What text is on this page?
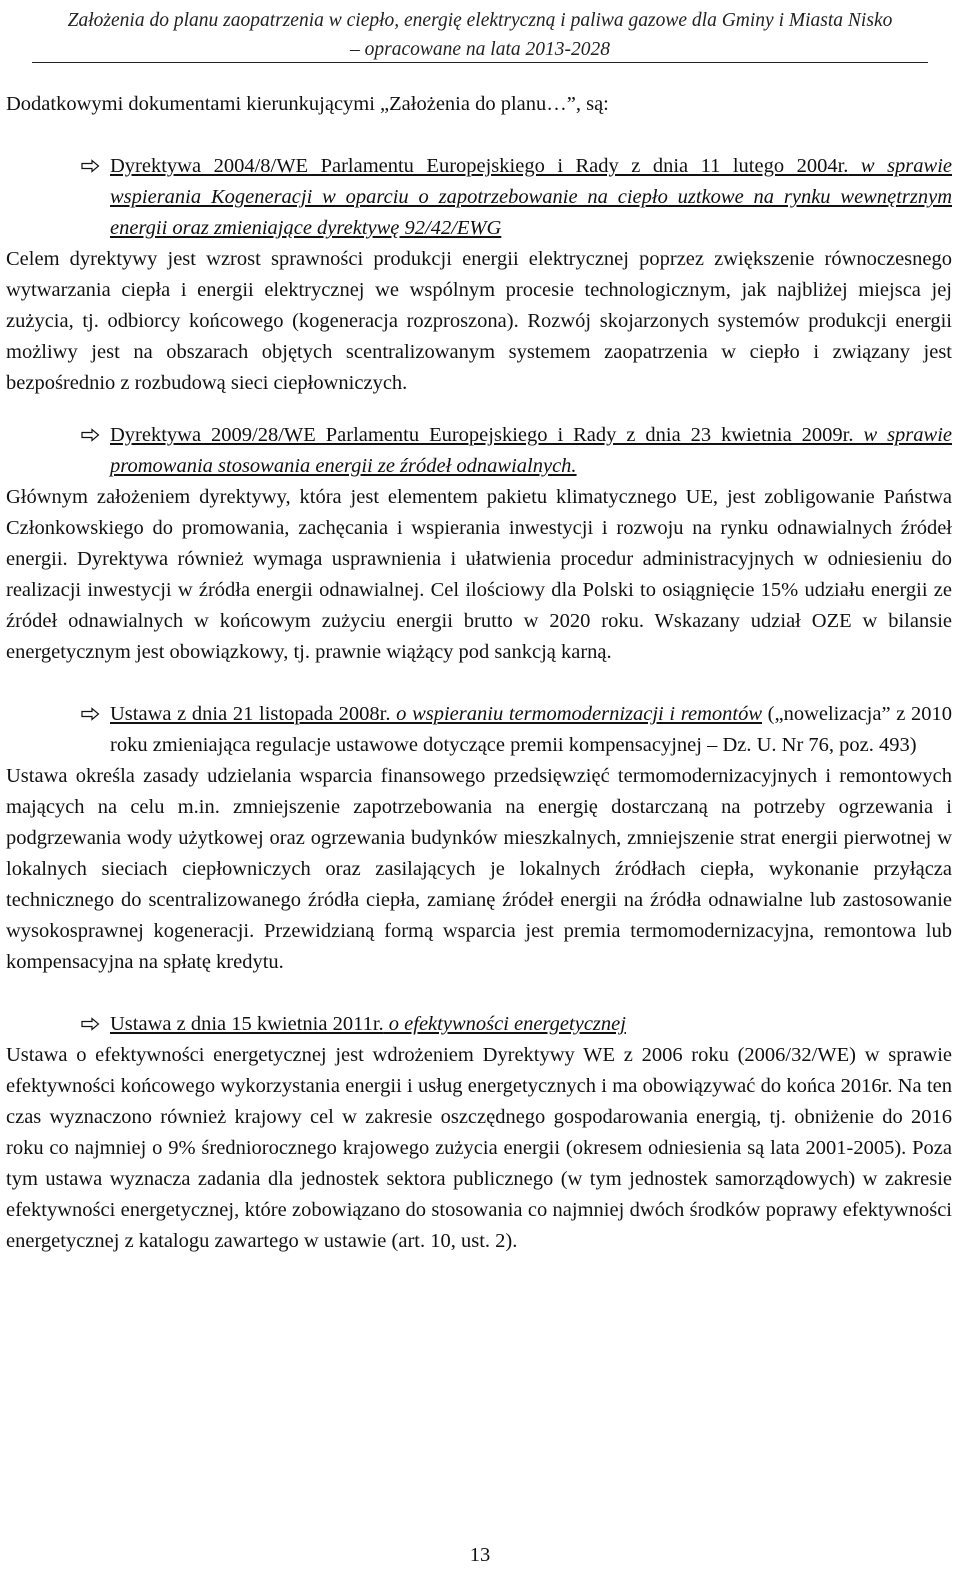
Założenia do planu zaopatrzenia w ciepło, energię elektryczną i paliwa gazowe dla Gminy i Miasta Nisko
– opracowane na lata 2013-2028

Dodatkowymi dokumentami kierunkującymi „Założenia do planu…”, są:

Dyrektywa 2004/8/WE Parlamentu Europejskiego i Rady z dnia 11 lutego 2004r. w sprawie wspierania Kogeneracji w oparciu o zapotrzebowanie na ciepło uztkowe na rynku wewnętrznym energii oraz zmieniające dyrektywę 92/42/EWG

Celem dyrektywy jest wzrost sprawności produkcji energii elektrycznej poprzez zwiększenie równoczesnego wytwarzania ciepła i energii elektrycznej we wspólnym procesie technologicznym, jak najbliżej miejsca jej zużycia, tj. odbiorcy końcowego (kogeneracja rozproszona). Rozwój skojarzonych systemów produkcji energii możliwy jest na obszarach objętych scentralizowanym systemem zaopatrzenia w ciepło i związany jest bezpośrednio z rozbudową sieci ciepłowniczych.

Dyrektywa 2009/28/WE Parlamentu Europejskiego i Rady z dnia 23 kwietnia 2009r. w sprawie promowania stosowania energii ze źródeł odnawialnych.

Głównym założeniem dyrektywy, która jest elementem pakietu klimatycznego UE, jest zobligowanie Państwa Członkowskiego do promowania, zachęcania i wspierania inwestycji i rozwoju na rynku odnawialnych źródeł energii. Dyrektywa również wymaga usprawnienia i ułatwienia procedur administracyjnych w odniesieniu do realizacji inwestycji w źródła energii odnawialnej. Cel ilościowy dla Polski to osiągnięcie 15% udziału energii ze źródeł odnawialnych w końcowym zużyciu energii brutto w 2020 roku. Wskazany udział OZE w bilansie energetycznym jest obowiązkowy, tj. prawnie wiążący pod sankcją karną.

Ustawa z dnia 21 listopada 2008r. o wspieraniu termomodernizacji i remontów („nowelizacja” z 2010 roku zmieniająca regulacje ustawowe dotyczące premii kompensacyjnej – Dz. U. Nr 76, poz. 493)

Ustawa określa zasady udzielania wsparcia finansowego przedsięwzięć termomodernizacyjnych i remontowych mających na celu m.in. zmniejszenie zapotrzebowania na energię dostarczaną na potrzeby ogrzewania i podgrzewania wody użytkowej oraz ogrzewania budynków mieszkalnych, zmniejszenie strat energii pierwotnej w lokalnych sieciach ciepłowniczych oraz zasilających je lokalnych źródłach ciepła, wykonanie przyłącza technicznego do scentralizowanego źródła ciepła, zamianę źródeł energii na źródła odnawialne lub zastosowanie wysokosprawnej kogeneracji. Przewidzianą formą wsparcia jest premia termomodernizacyjna, remontowa lub kompensacyjna na spłatę kredytu.

Ustawa z dnia 15 kwietnia 2011r. o efektywności energetycznej

Ustawa o efektywności energetycznej jest wdrożeniem Dyrektywy WE z 2006 roku (2006/32/WE) w sprawie efektywności końcowego wykorzystania energii i usług energetycznych i ma obowiązywać do końca 2016r. Na ten czas wyznaczono również krajowy cel w zakresie oszczędnego gospodarowania energią, tj. obniżenie do 2016 roku co najmniej o 9% średniorocznego krajowego zużycia energii (okresem odniesienia są lata 2001-2005). Poza tym ustawa wyznacza zadania dla jednostek sektora publicznego (w tym jednostek samorządowych) w zakresie efektywności energetycznej, które zobowiązano do stosowania co najmniej dwóch środków poprawy efektywności energetycznej z katalogu zawartego w ustawie (art. 10, ust. 2).

13
